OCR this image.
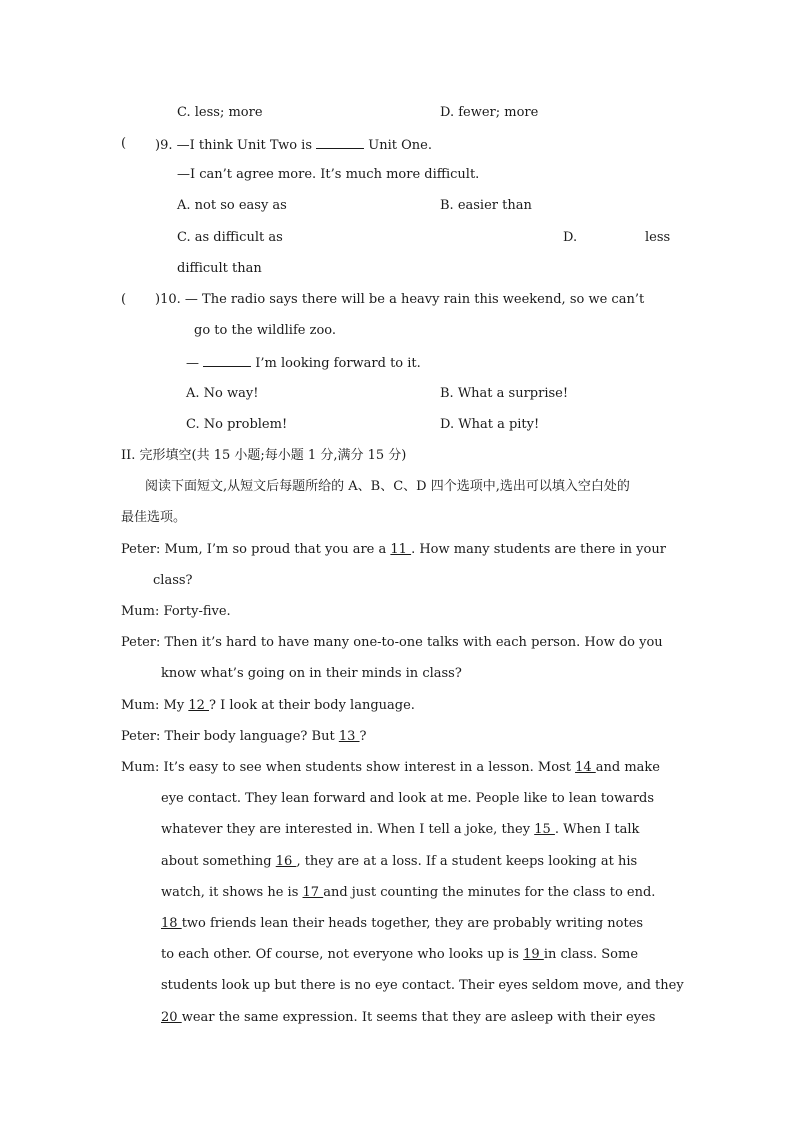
C. less; more	D. fewer; more
( )9. —I think Unit Two is	Unit One.
—I can’t agree more. It’s much more difficult.
A. not so easy as	B. easier than
C. as difficult as	D.	less
difficult than
( )10. — The radio says there will be a heavy rain this weekend, so we can’t
go to the wildlife zoo.
—	I’m looking forward to it.
A. No way!	B. What a surprise!
C. No problem!	D. What a pity!
II. 完形填空(共 15 小题;每小题 1 分,满分 15 分)
阅读下面短文,从短文后每题所给的 A、B、C、D 四个选项中,选出可以填入空白处的
最佳选项。
Peter: Mum, I’m so proud that you are a 11 . How many students are there in your
class?
Mum: Forty-five.
Peter: Then it’s hard to have many one-to-one talks with each person. How do you
know what’s going on in their minds in class?
Mum: My 12 ? I look at their body language.
Peter: Their body language? But 13 ?
Mum: It’s easy to see when students show interest in a lesson. Most 14 and make
eye contact. They lean forward and look at me. People like to lean towards
whatever they are interested in. When I tell a joke, they 15 . When I talk
about something 16 , they are at a loss. If a student keeps looking at his
watch, it shows he is 17 and just counting the minutes for the class to end.
18 two friends lean their heads together, they are probably writing notes
to each other. Of course, not everyone who looks up is 19 in class. Some
students look up but there is no eye contact. Their eyes seldom move, and they
20 wear the same expression. It seems that they are asleep with their eyes
